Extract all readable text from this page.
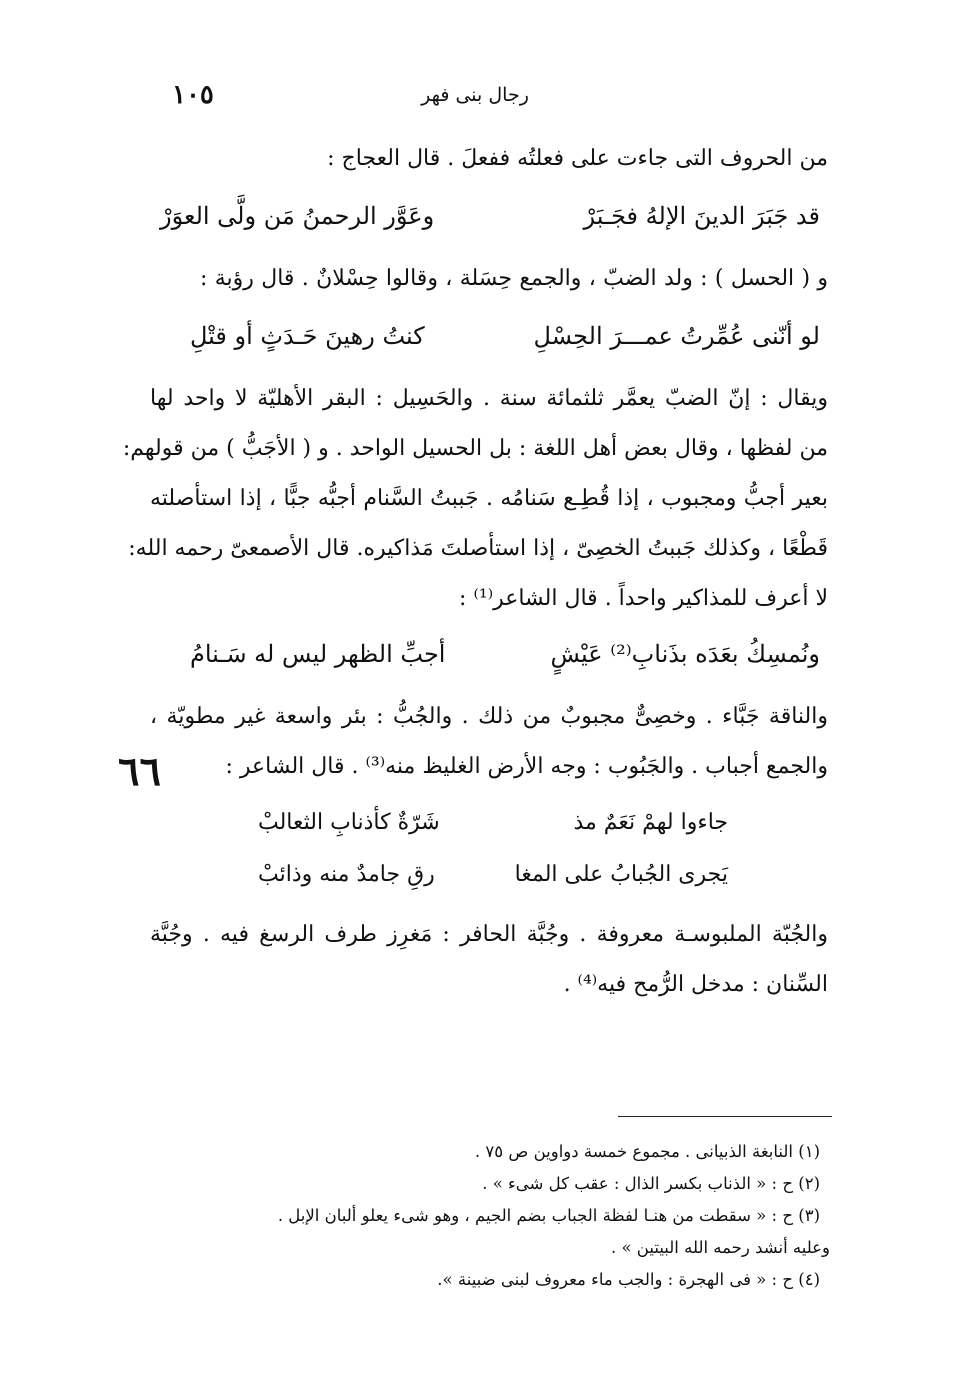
رجال بنى فهر
١٠٥
٦٦
من الحروف التى جاءت على فعلتُه ففعلَ . قال العجاج :
قد جَبَرَ الدينَ الإلهُ فجَـبَرْ
وعَوَّر الرحمنُ مَن ولَّى العوَرْ
و ( الحسل ) : ولد الضبّ ، والجمع حِسَلة ، وقالوا حِسْلانٌ . قال رؤبة :
لو أنّنى عُمِّرتُ عمـــرَ الحِسْلِ
كنتُ رهينَ حَـدَثٍ أو قتْلِ
ويقال : إنّ الضبّ يعمَّر ثلثمائة سنة . والحَسِيل : البقر الأهليّة لا واحد لها
من لفظها ، وقال بعض أهل اللغة : بل الحسيل الواحد . و ( الأجَبُّ ) من قولهم:
بعير أجبُّ ومجبوب ، إذا قُطِـع سَنامُه . جَببتُ السَّنام أجبُّه جبًّا ، إذا استأصلته
قَطْعًا ، وكذلك جَببتُ الخصِىّ ، إذا استأصلتَ مَذاكيره. قال الأصمعىّ رحمه الله:
لا أعرف للمذاكير واحداً . قال الشاعر⁽¹⁾ :
ونُمسِكُ بعَدَه بذَنابِ⁽²⁾ عَيْشٍ
أجبِّ الظهر ليس له سَـنامُ
والناقة جَبَّاء . وخصِىٌّ مجبوبٌ من ذلك . والجُبُّ : بئر واسعة غير مطويّة ،
والجمع أجباب . والجَبُوب : وجه الأرض الغليظ منه⁽³⁾ . قال الشاعر :
جاءوا لهمْ نَعَمٌ مذ
شَرّةٌ كأذنابِ الثعالبْ
يَجرى الجُبابُ على المغا
رقِ جامدٌ منه وذائبْ
والجُبّة الملبوسـة معروفة . وجُبَّة الحافر : مَغرِز طرف الرسغ فيه . وجُبَّة
السِّنان : مدخل الرُّمح فيه⁽⁴⁾ .
(١) النابغة الذبيانى . مجموع خمسة دواوين ص ٧٥ .
(٢) ح : « الذناب بكسر الذال : عقب كل شىء » .
(٣) ح : « سقطت من هنـا لفظة الجباب بضم الجيم ، وهو شىء يعلو ألبان الإبل .
وعليه أنشد رحمه الله البيتين » .
(٤) ح : « فى الهجرة : والجب ماء معروف لبنى ضبينة ».
